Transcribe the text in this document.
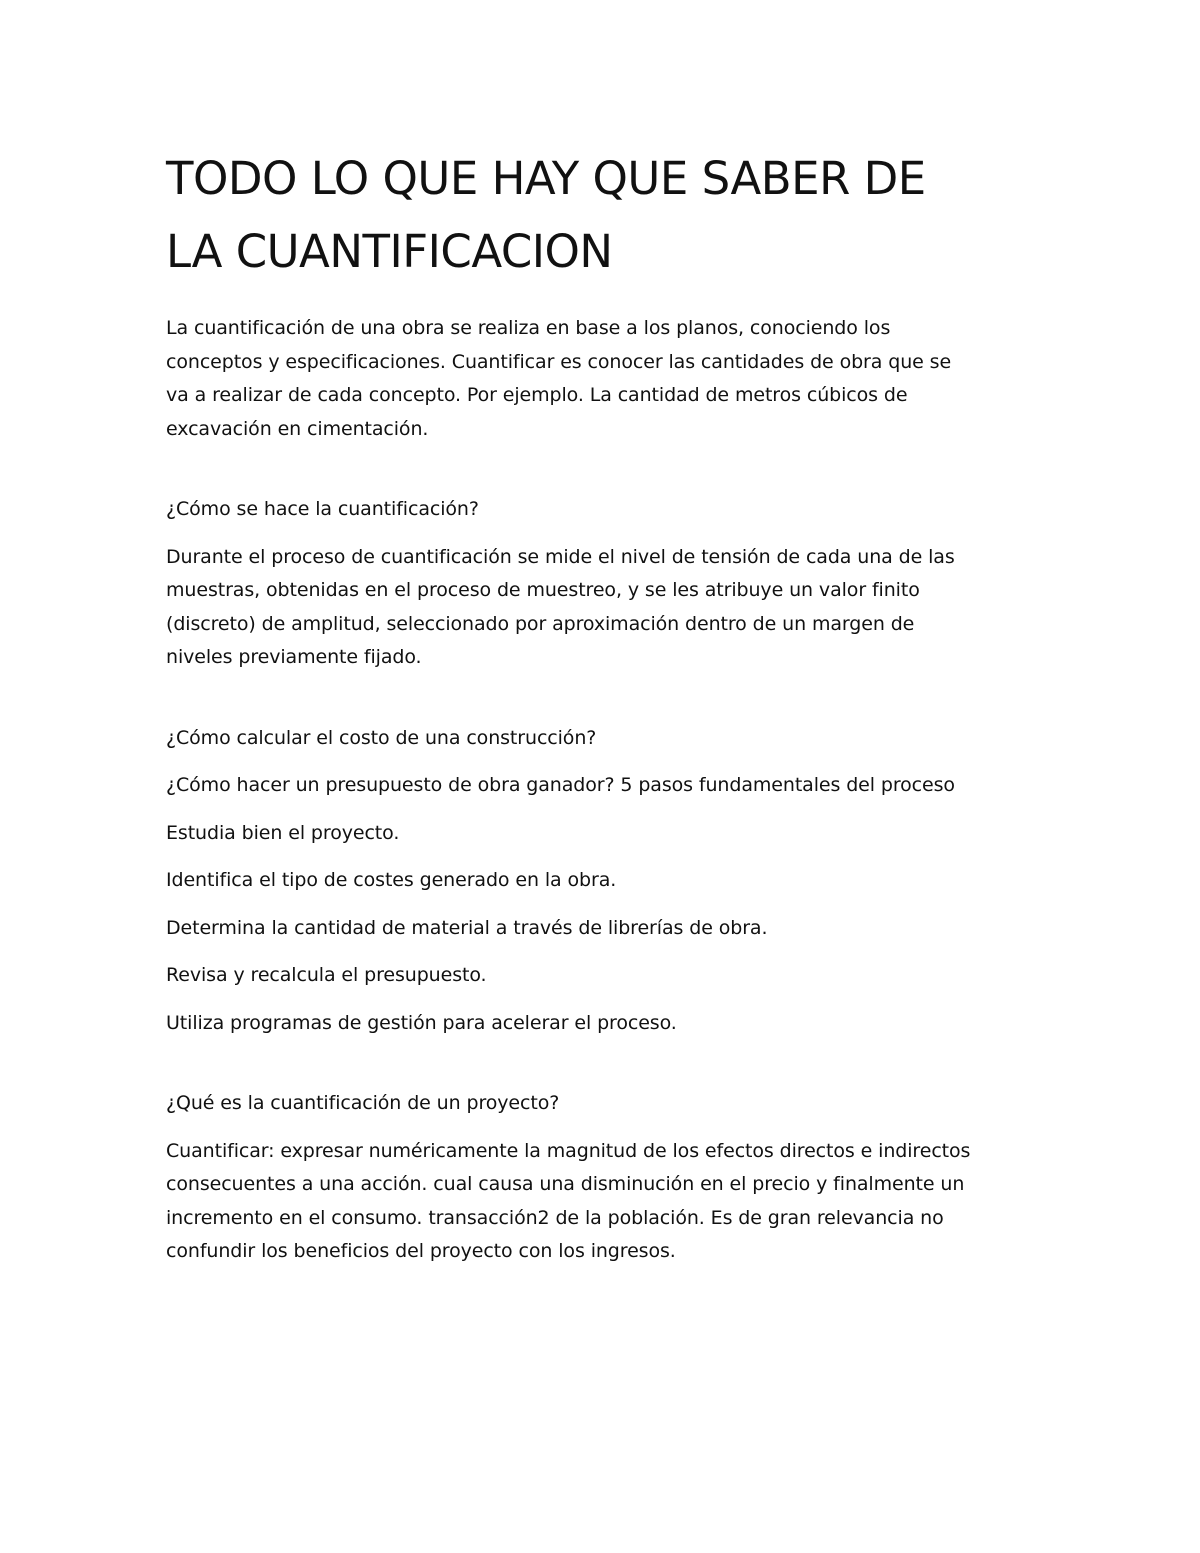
TODO LO QUE HAY QUE SABER DE
LA CUANTIFICACION

La cuantificación de una obra se realiza en base a los planos, conociendo los
conceptos y especificaciones. Cuantificar es conocer las cantidades de obra que se
va a realizar de cada concepto. Por ejemplo. La cantidad de metros cúbicos de
excavación en cimentación.

¿Cómo se hace la cuantificación?

Durante el proceso de cuantificación se mide el nivel de tensión de cada una de las
muestras, obtenidas en el proceso de muestreo, y se les atribuye un valor finito
(discreto) de amplitud, seleccionado por aproximación dentro de un margen de
niveles previamente fijado.

¿Cómo calcular el costo de una construcción?

¿Cómo hacer un presupuesto de obra ganador? 5 pasos fundamentales del proceso

Estudia bien el proyecto.

Identifica el tipo de costes generado en la obra.

Determina la cantidad de material a través de librerías de obra.

Revisa y recalcula el presupuesto.

Utiliza programas de gestión para acelerar el proceso.

¿Qué es la cuantificación de un proyecto?

Cuantificar: expresar numéricamente la magnitud de los efectos directos e indirectos
consecuentes a una acción. cual causa una disminución en el precio y finalmente un
incremento en el consumo. transacción2 de la población. Es de gran relevancia no
confundir los beneficios del proyecto con los ingresos.
